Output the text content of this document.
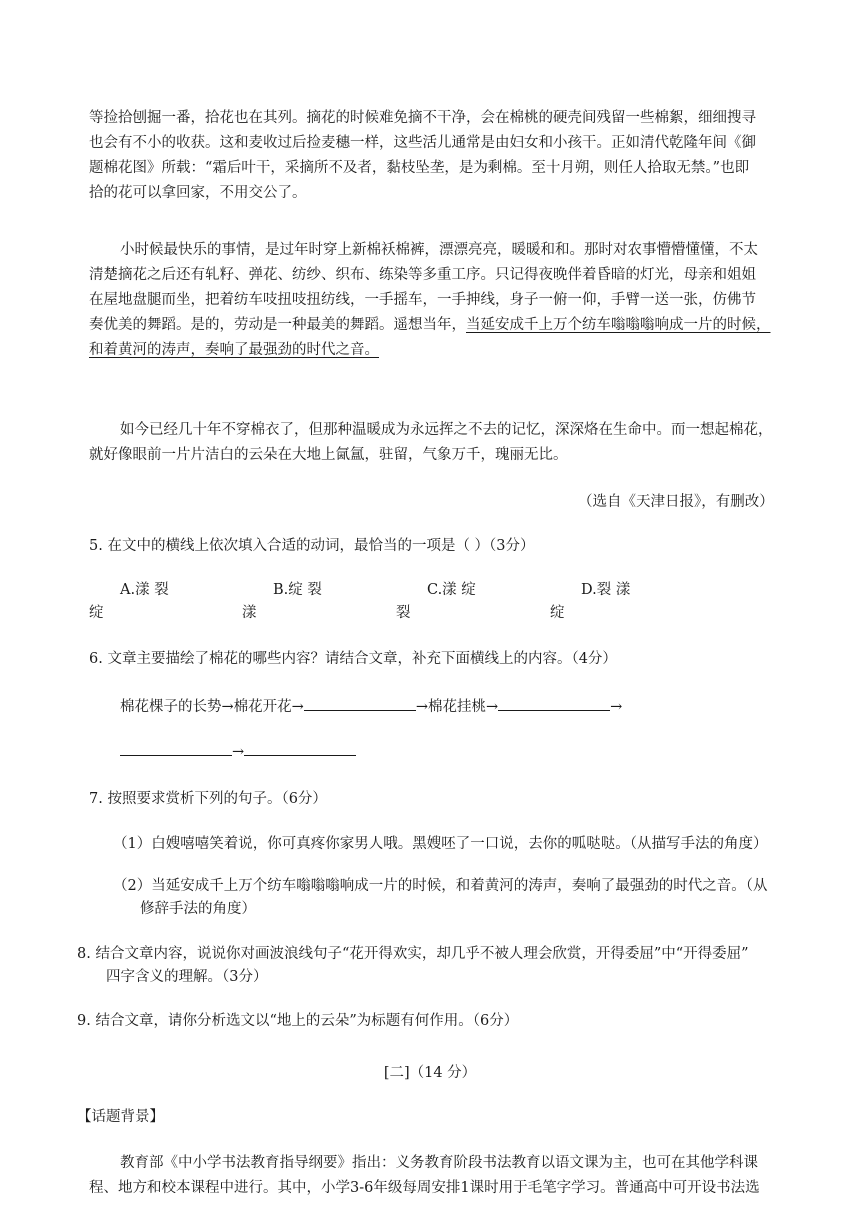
等捡拾刨掘一番，拾花也在其列。摘花的时候难免摘不干净，会在棉桃的硬壳间残留一些棉絮，细细搜寻
也会有不小的收获。这和麦收过后捡麦穗一样，这些活儿通常是由妇女和小孩干。正如清代乾隆年间《御
题棉花图》所载：“霜后叶干，采摘所不及者，黏枝坠垄，是为剩棉。至十月朔，则任人拾取无禁。”也即
拾的花可以拿回家，不用交公了。
小时候最快乐的事情，是过年时穿上新棉袄棉裤，漂漂亮亮，暖暖和和。那时对农事懵懵懂懂，不太
清楚摘花之后还有轧籽、弹花、纺纱、织布、练染等多重工序。只记得夜晚伴着昏暗的灯光，母亲和姐姐
在屋地盘腿而坐，把着纺车吱扭吱扭纺线，一手摇车，一手抻线，身子一俯一仰，手臂一送一张，仿佛节
奏优美的舞蹈。是的，劳动是一种最美的舞蹈。遥想当年，当延安成千上万个纺车嗡嗡嗡响成一片的时候，
和着黄河的涛声，奏响了最强劲的时代之音。
如今已经几十年不穿棉衣了，但那种温暖成为永远挥之不去的记忆，深深烙在生命中。而一想起棉花，
就好像眼前一片片洁白的云朵在大地上氤氲，驻留，气象万千，瑰丽无比。
（选自《天津日报》，有删改）
5. 在文中的横线上依次填入合适的动词，最恰当的一项是（ ）（3分）
A.漾 裂	B.绽 裂	C.漾 绽	D.裂 漾
绽	漾	裂	绽
6. 文章主要描绘了棉花的哪些内容？请结合文章，补充下面横线上的内容。（4分）
棉花棵子的长势→棉花开花→	→棉花挂桃→	→
→
7. 按照要求赏析下列的句子。（6分）
（1）白嫂嘻嘻笑着说，你可真疼你家男人哦。黑嫂呸了一口说，去你的呱哒哒。（从描写手法的角度）
（2）当延安成千上万个纺车嗡嗡嗡响成一片的时候，和着黄河的涛声，奏响了最强劲的时代之音。（从
修辞手法的角度）
8. 结合文章内容，说说你对画波浪线句子“花开得欢实，却几乎不被人理会欣赏，开得委屈”中“开得委屈”
四字含义的理解。（3分）
9. 结合文章，请你分析选文以“地上的云朵”为标题有何作用。（6分）
[二]（14 分）
【话题背景】
教育部《中小学书法教育指导纲要》指出：义务教育阶段书法教育以语文课为主，也可在其他学科课
程、地方和校本课程中进行。其中，小学3-6年级每周安排1课时用于毛笔字学习。普通高中可开设书法选
